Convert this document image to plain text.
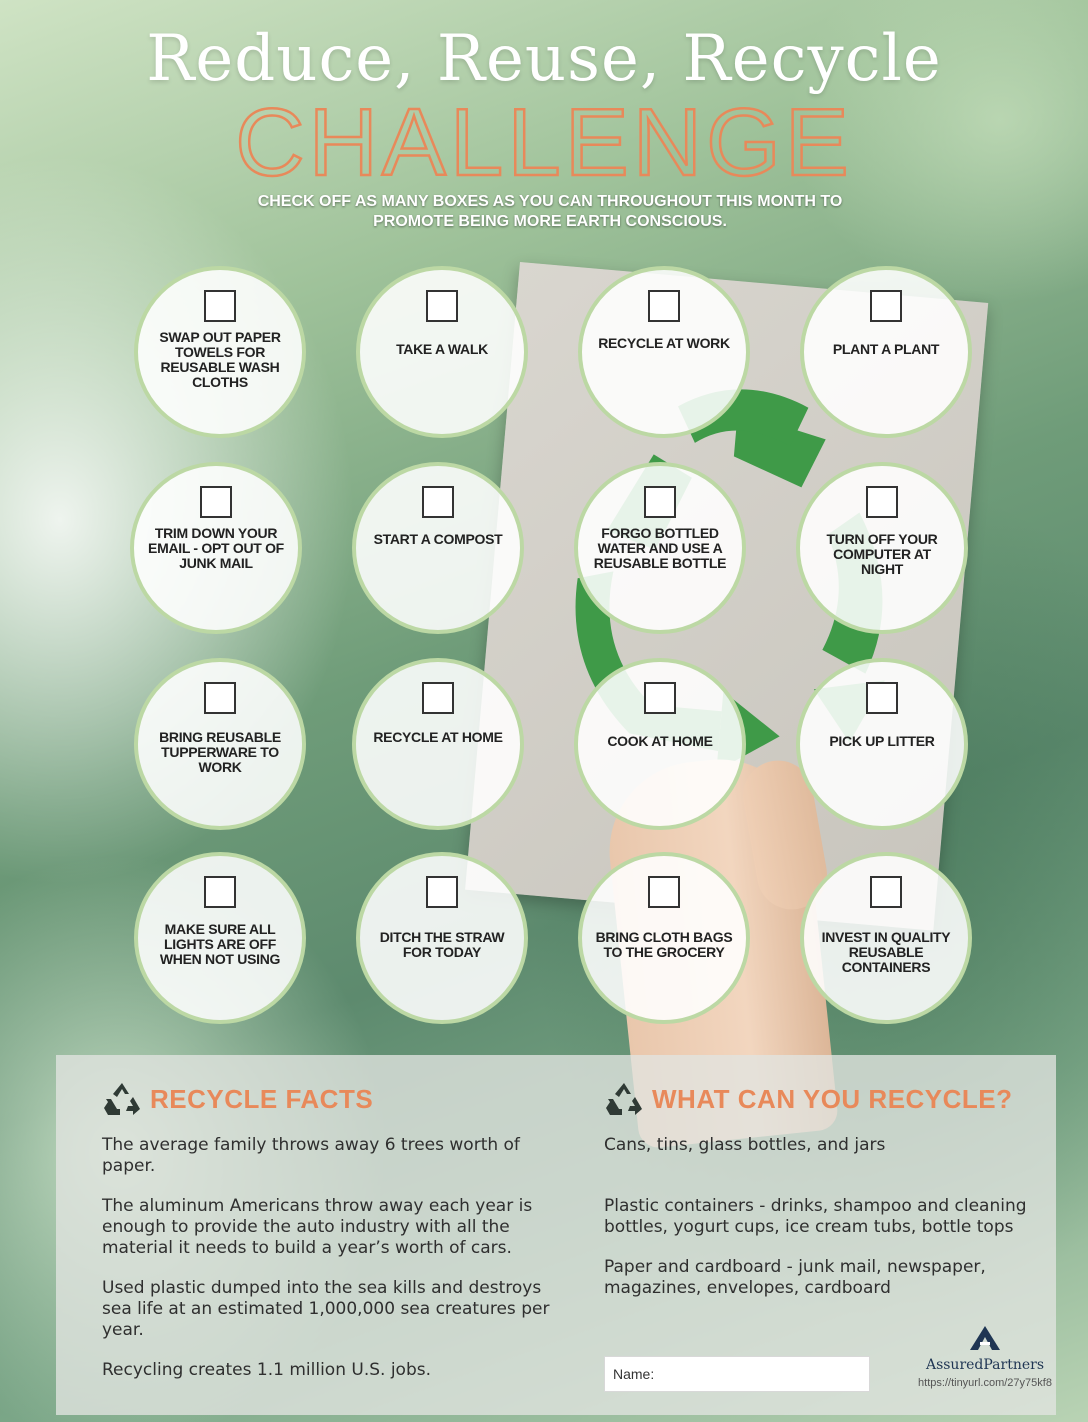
Reduce, Reuse, Recycle
CHALLENGE
CHECK OFF AS MANY BOXES AS YOU CAN THROUGHOUT THIS MONTH TO PROMOTE BEING MORE EARTH CONSCIOUS.
SWAP OUT PAPER TOWELS FOR REUSABLE WASH CLOTHS
TAKE A WALK	RECYCLE AT WORK	PLANT A PLANT
TRIM DOWN YOUR EMAIL - OPT OUT OF JUNK MAIL
START A COMPOST	FORGO BOTTLED WATER AND USE A REUSABLE BOTTLE
TURN OFF YOUR COMPUTER AT NIGHT
BRING REUSABLE TUPPERWARE TO WORK
RECYCLE AT HOME	COOK AT HOME	PICK UP LITTER
MAKE SURE ALL LIGHTS ARE OFF WHEN NOT USING
DITCH THE STRAW FOR TODAY
BRING CLOTH BAGS TO THE GROCERY
INVEST IN QUALITY REUSABLE CONTAINERS
RECYCLE FACTS

The average family throws away 6 trees worth of paper.

The aluminum Americans throw away each year is enough to provide the auto industry with all the material it needs to build a year’s worth of cars.

Used plastic dumped into the sea kills and destroys sea life at an estimated 1,000,000 sea creatures per year.

Recycling creates 1.1 million U.S. jobs.

WHAT CAN YOU RECYCLE?

Cans, tins, glass bottles, and jars

Plastic containers - drinks, shampoo and cleaning bottles, yogurt cups, ice cream tubs, bottle tops

Paper and cardboard - junk mail, newspaper, magazines, envelopes, cardboard

Name:
AssuredPartners
https://tinyurl.com/27y75kf8
